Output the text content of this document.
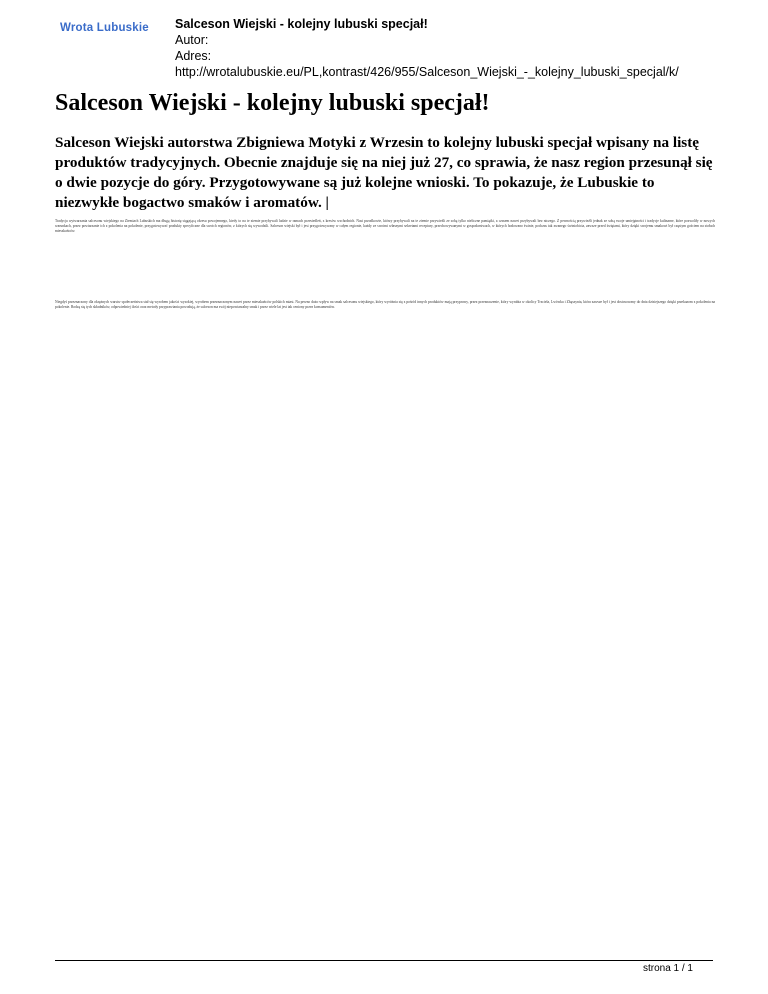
Wrota Lubuskie Salceson Wiejski - kolejny lubuski specjał!
Autor:
Adres:
http://wrotalubuskie.eu/PL,kontrast/426/955/Salceson_Wiejski_-_kolejny_lubuski_specjal/k/
Salceson Wiejski - kolejny lubuski specjał!

Salceson Wiejski autorstwa Zbigniewa Motyki z Wrzesin to kolejny lubuski specjał wpisany na listę produktów tradycyjnych. Obecnie znajduje się na niej już 27, co sprawia, że nasz region przesunął się o dwie pozycje do góry. Przygotowywane są już kolejne wnioski. To pokazuje, że Lubuskie to niezwykłe bogactwo smaków i aromatów. |

Tradycja wytwarzania salcesonu wiejskiego na Ziemiach Lubuskich ma długą historię sięgającą okresu powojennego, kiedy to na te ziemie przybywali ludzie w ramach przesiedleń, z kresów wschodnich. Nasi przodkowie, którzy przybywali na te ziemie przywieźli ze sobą tylko nieliczne pamiątki, a czasem nawet przybywali bez niczego. Z pewnością przywieźli jednak ze sobą swoje umiejętności i tradycje kulinarne, które pozwoliły w nowych warunkach, przez powtarzanie ich z pokolenia na pokolenie, przygotowywać produkty specyficzne dla swoich regionów, z których się wywodzili. Salceson wiejski był i jest przygotowywany w całym regionie, każdy ze swoimi własnymi sekretami receptury, przechowywanymi w gospodarstwach, w których hodowano świnie, podczas tak zwanego świniobicia, zawsze przed świętami, który dzięki swojemu smakowi był częstym gościem na stołach mieszkańców.

Niegdyś przeznaczony dla okrężnych warstw społeczeństwa stał się wyrobem jakości wysokiej, wyrobem przeznaczonym nawet przez mieszkańców polskich miast. Na pewno dużo wpływ na smak salcesonu wiejskiego, który wyróżnia się z pośród innych produktów mają przyprawy, przez przeznaczenie, który wyrabia w okolicy Trzciela, Lwówka i Zbąszynia, która zawsze był i jest dostosowany do dnia dzisiejszego dzięki przekazom z pokolenia na pokolenie. Rodzą się tych składników, odpowiedniej ilości oraz metody przyprawiania powodują, że salceson ma swój niepowtarzalny smak i przez wiele lat jest tak ceniony przez konsumentów.

strona 1 / 1
